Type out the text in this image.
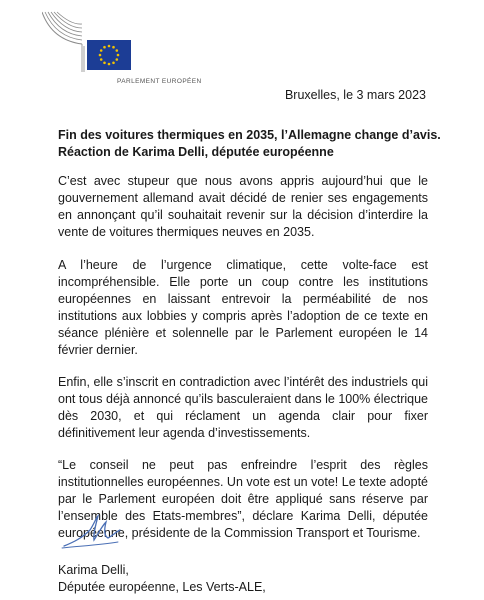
PARLEMENT EUROPÉEN
Bruxelles, le 3 mars 2023
Fin des voitures thermiques en 2035, l’Allemagne change d’avis.
Réaction de Karima Delli, députée européenne

C’est avec stupeur que nous avons appris aujourd’hui que le gouvernement allemand avait décidé de renier ses engagements en annonçant qu’il souhaitait revenir sur la décision d’interdire la vente de voitures thermiques neuves en 2035.

A l’heure de l’urgence climatique, cette volte-face est incompréhensible. Elle porte un coup contre les institutions européennes en laissant entrevoir la perméabilité de nos institutions aux lobbies y compris après l’adoption de ce texte en séance plénière et solennelle par le Parlement européen le 14 février dernier.

Enfin, elle s’inscrit en contradiction avec l’intérêt des industriels qui ont tous déjà annoncé qu’ils basculeraient dans le 100% électrique dès 2030, et qui réclament un agenda clair pour fixer définitivement leur agenda d’investissements.

“Le conseil ne peut pas enfreindre l’esprit des règles institutionnelles européennes. Un vote est un vote! Le texte adopté par le Parlement européen doit être appliqué sans réserve par l’ensemble des Etats-membres”, déclare Karima Delli, députée européenne, présidente de la Commission Transport et Tourisme.

Karima Delli,
Députée européenne, Les Verts-ALE,
